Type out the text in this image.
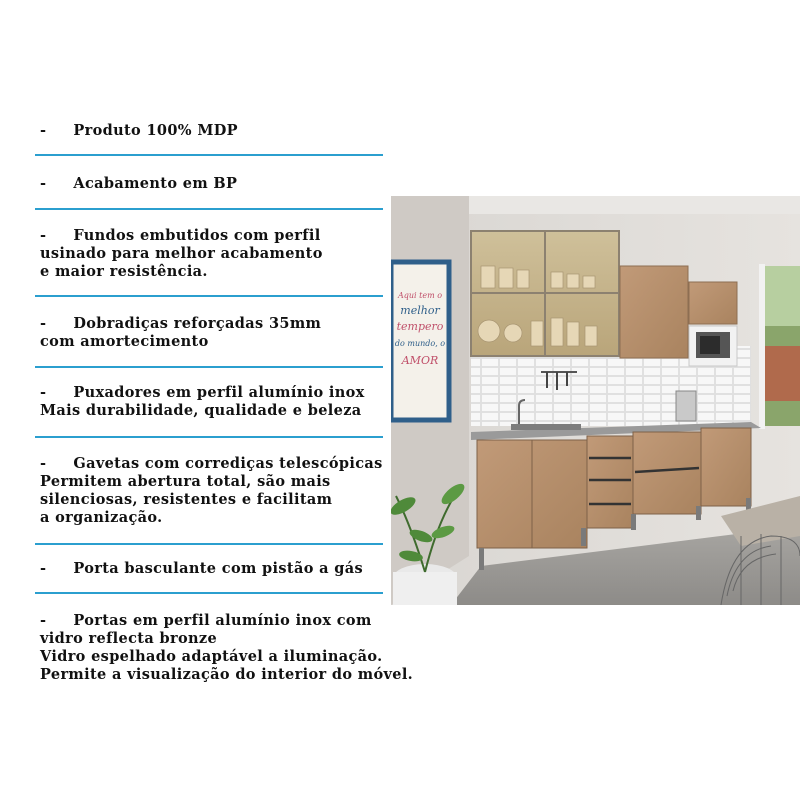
-     Produto 100% MDP
-     Acabamento em BP
-     Fundos embutidos com perfil
usinado para melhor acabamento
e maior resistência.
-     Dobradiças reforçadas 35mm
com amortecimento
-     Puxadores em perfil alumínio inox
Mais durabilidade, qualidade e beleza
-     Gavetas com corrediças telescópicas
Permitem abertura total, são mais
silenciosas, resistentes e facilitam
a organização.
-     Porta basculante com pistão a gás
-     Portas em perfil alumínio inox com
vidro reflecta bronze
Vidro espelhado adaptável a iluminação.
Permite a visualização do interior do móvel.
Aqui tem o
melhor
tempero
do mundo, o
AMOR
